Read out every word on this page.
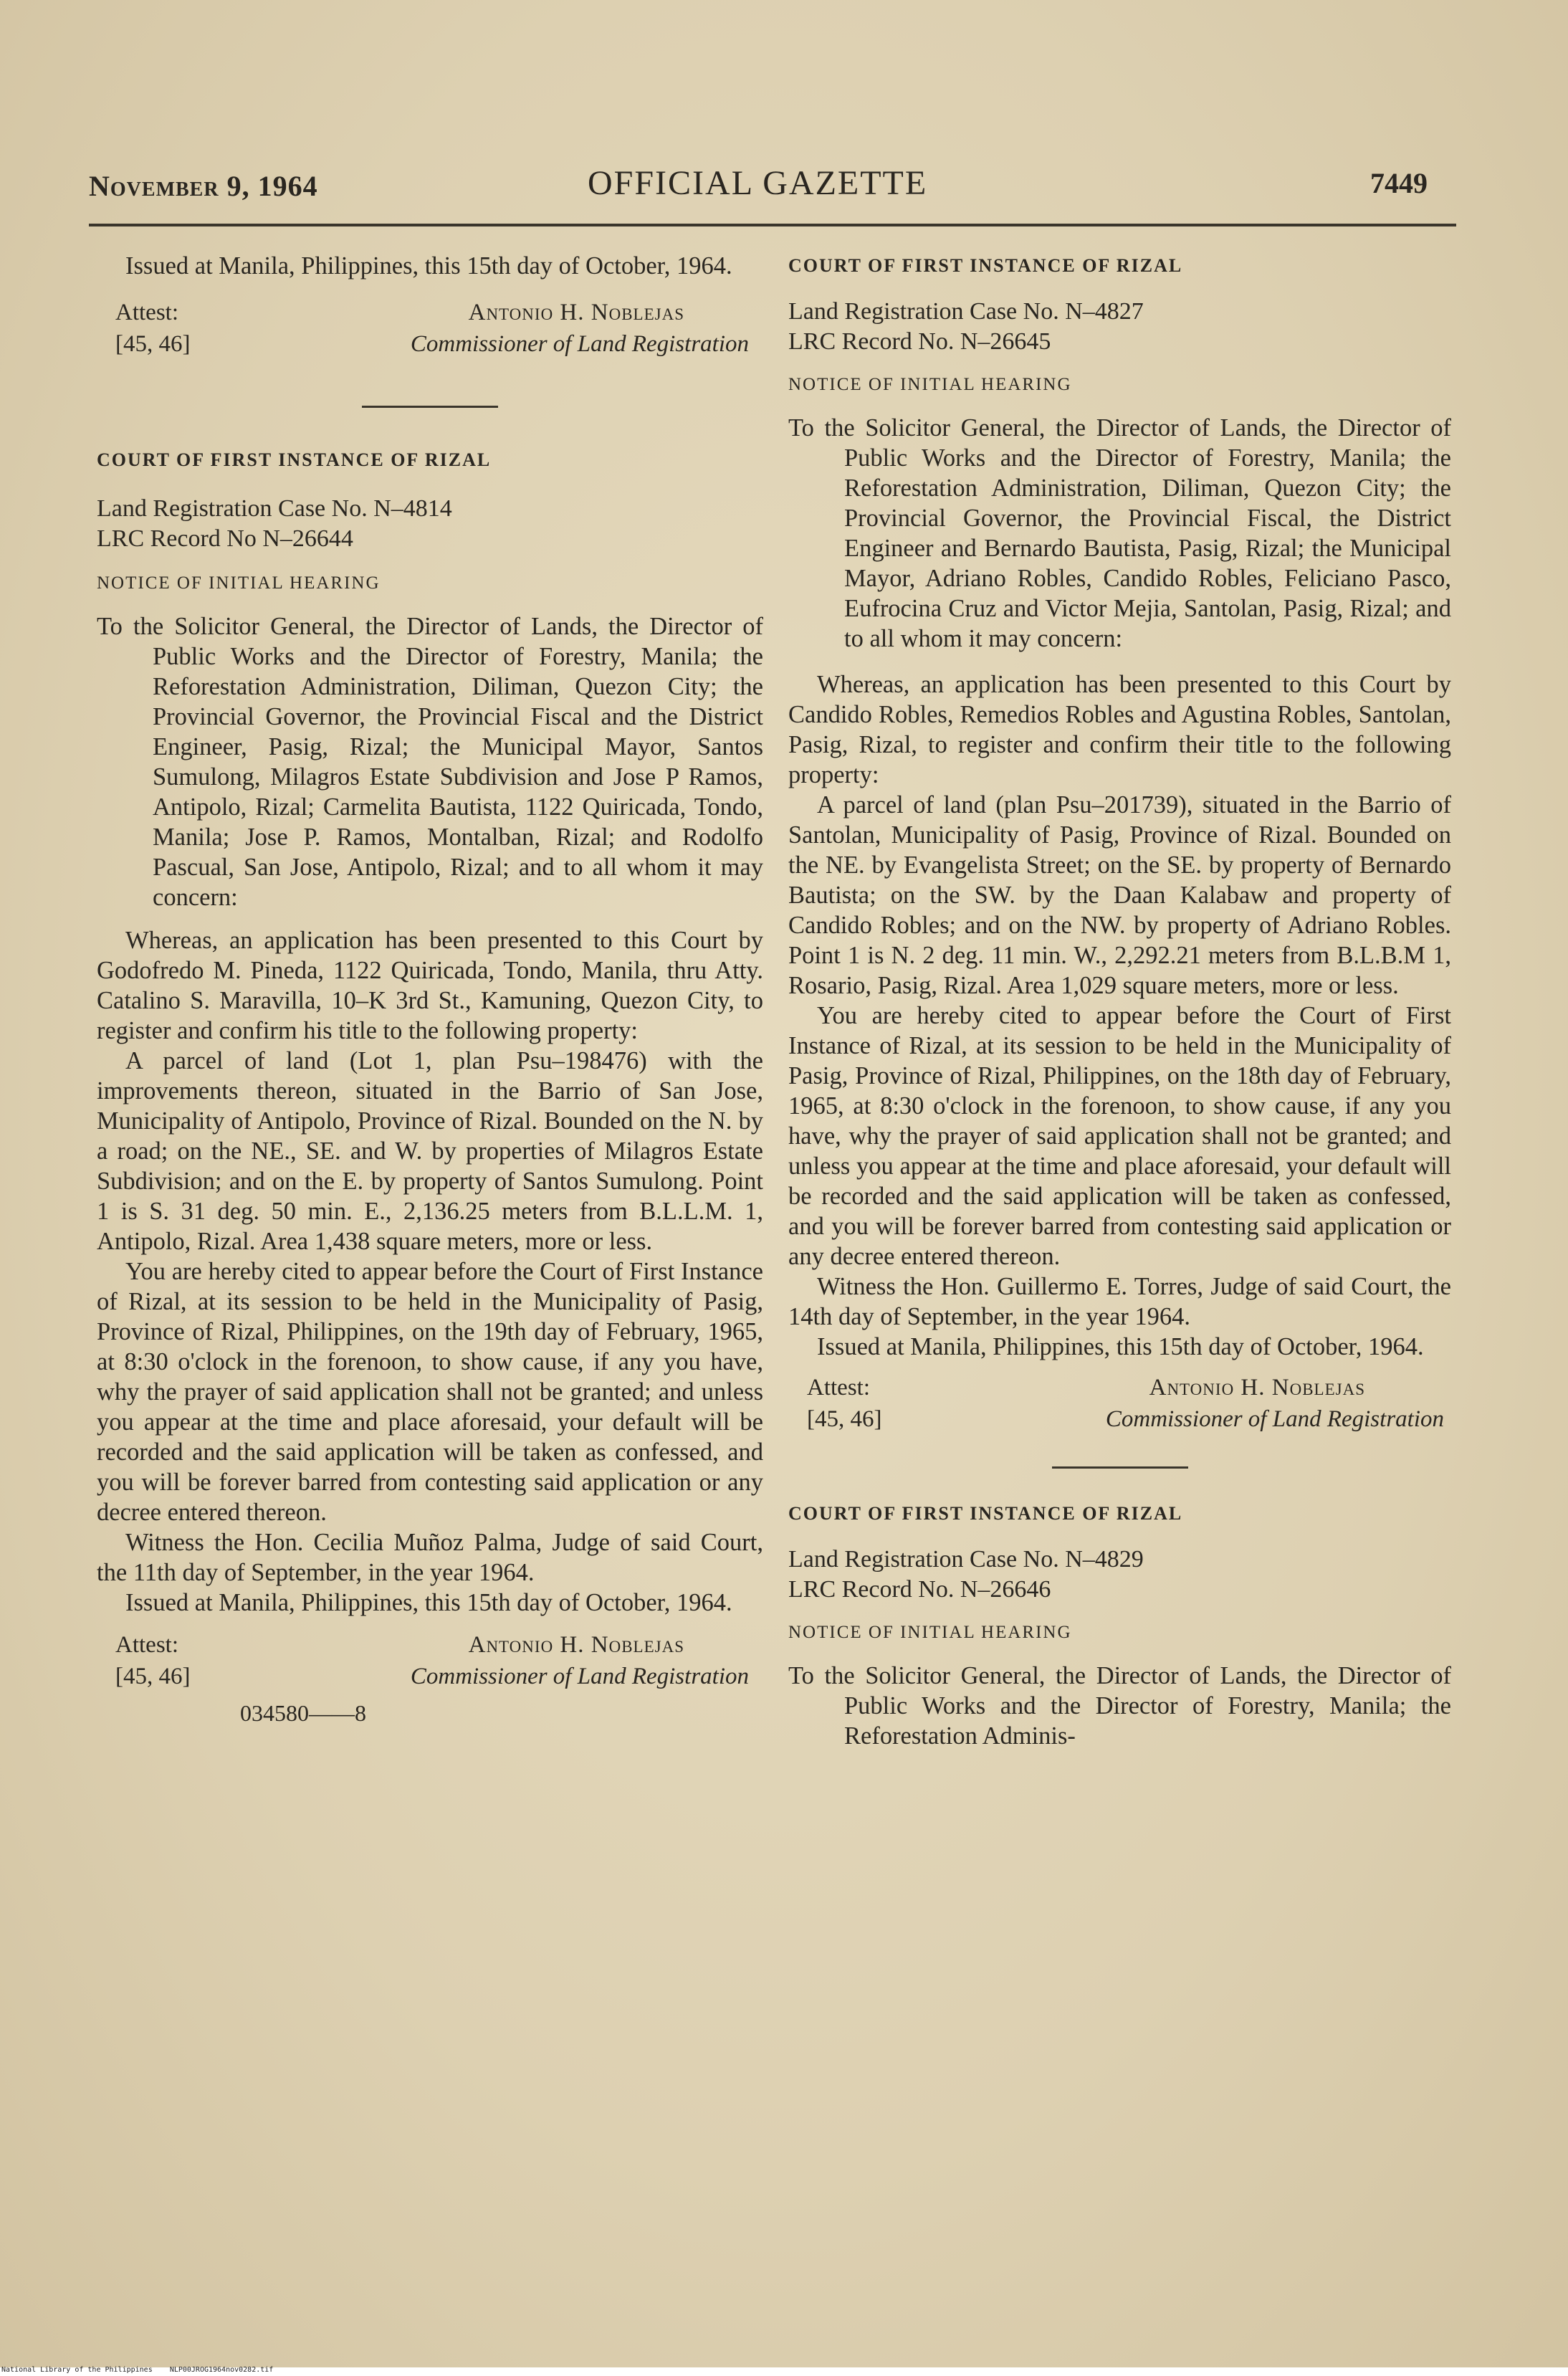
November 9, 1964	OFFICIAL GAZETTE	7449

Issued at Manila, Philippines, this 15th day of October, 1964.

Attest:	Antonio H. Noblejas
[45, 46]	Commissioner of Land Registration

COURT OF FIRST INSTANCE OF RIZAL

Land Registration Case No. N–4814

LRC Record No N–26644

NOTICE OF INITIAL HEARING

To the Solicitor General, the Director of Lands, the Director of Public Works and the Director of Forestry, Manila; the Reforestation Administration, Diliman, Quezon City; the Provincial Governor, the Provincial Fiscal and the District Engineer, Pasig, Rizal; the Municipal Mayor, Santos Sumulong, Milagros Estate Subdivision and Jose P Ramos, Antipolo, Rizal; Carmelita Bautista, 1122 Quiricada, Tondo, Manila; Jose P. Ramos, Montalban, Rizal; and Rodolfo Pascual, San Jose, Antipolo, Rizal; and to all whom it may concern:

Whereas, an application has been presented to this Court by Godofredo M. Pineda, 1122 Quiricada, Tondo, Manila, thru Atty. Catalino S. Maravilla, 10–K 3rd St., Kamuning, Quezon City, to register and confirm his title to the following property:

A parcel of land (Lot 1, plan Psu–198476) with the improvements thereon, situated in the Barrio of San Jose, Municipality of Antipolo, Province of Rizal. Bounded on the N. by a road; on the NE., SE. and W. by properties of Milagros Estate Subdivision; and on the E. by property of Santos Sumulong. Point 1 is S. 31 deg. 50 min. E., 2,136.25 meters from B.L.L.M. 1, Antipolo, Rizal. Area 1,438 square meters, more or less.

You are hereby cited to appear before the Court of First Instance of Rizal, at its session to be held in the Municipality of Pasig, Province of Rizal, Philippines, on the 19th day of February, 1965, at 8:30 o'clock in the forenoon, to show cause, if any you have, why the prayer of said application shall not be granted; and unless you appear at the time and place aforesaid, your default will be recorded and the said application will be taken as confessed, and you will be forever barred from contesting said application or any decree entered thereon.

Witness the Hon. Cecilia Muñoz Palma, Judge of said Court, the 11th day of September, in the year 1964.

Issued at Manila, Philippines, this 15th day of October, 1964.

Attest:	Antonio H. Noblejas
[45, 46]	Commissioner of Land Registration

034580——8

COURT OF FIRST INSTANCE OF RIZAL

Land Registration Case No. N–4827

LRC Record No. N–26645

NOTICE OF INITIAL HEARING

To the Solicitor General, the Director of Lands, the Director of Public Works and the Director of Forestry, Manila; the Reforestation Administration, Diliman, Quezon City; the Provincial Governor, the Provincial Fiscal, the District Engineer and Bernardo Bautista, Pasig, Rizal; the Municipal Mayor, Adriano Robles, Candido Robles, Feliciano Pasco, Eufrocina Cruz and Victor Mejia, Santolan, Pasig, Rizal; and to all whom it may concern:

Whereas, an application has been presented to this Court by Candido Robles, Remedios Robles and Agustina Robles, Santolan, Pasig, Rizal, to register and confirm their title to the following property:

A parcel of land (plan Psu–201739), situated in the Barrio of Santolan, Municipality of Pasig, Province of Rizal. Bounded on the NE. by Evangelista Street; on the SE. by property of Bernardo Bautista; on the SW. by the Daan Kalabaw and property of Candido Robles; and on the NW. by property of Adriano Robles. Point 1 is N. 2 deg. 11 min. W., 2,292.21 meters from B.L.B.M 1, Rosario, Pasig, Rizal. Area 1,029 square meters, more or less.

You are hereby cited to appear before the Court of First Instance of Rizal, at its session to be held in the Municipality of Pasig, Province of Rizal, Philippines, on the 18th day of February, 1965, at 8:30 o'clock in the forenoon, to show cause, if any you have, why the prayer of said application shall not be granted; and unless you appear at the time and place aforesaid, your default will be recorded and the said application will be taken as confessed, and you will be forever barred from contesting said application or any decree entered thereon.

Witness the Hon. Guillermo E. Torres, Judge of said Court, the 14th day of September, in the year 1964.

Issued at Manila, Philippines, this 15th day of October, 1964.

Attest:	Antonio H. Noblejas
[45, 46]	Commissioner of Land Registration

COURT OF FIRST INSTANCE OF RIZAL

Land Registration Case No. N–4829

LRC Record No. N–26646

NOTICE OF INITIAL HEARING

To the Solicitor General, the Director of Lands, the Director of Public Works and the Director of Forestry, Manila; the Reforestation Adminis-

National Library of the Philippines NLP00JROG1964nov0282.tif
